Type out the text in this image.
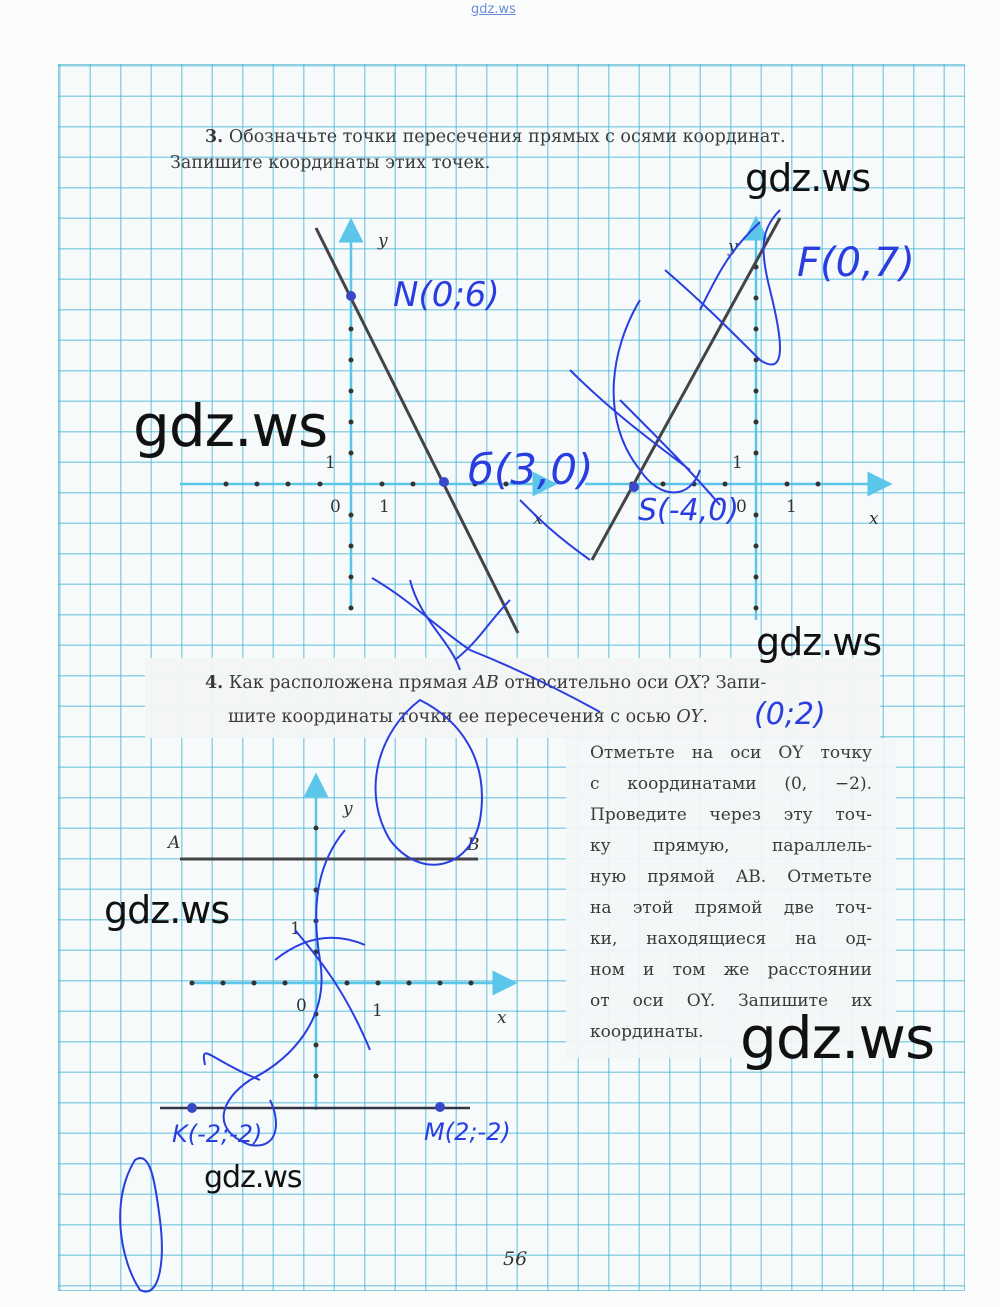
gdz.ws
3. Обозначьте точки пересечения прямых с осями координат.
Запишите координаты этих точек.
4. Как расположена прямая AB относительно оси OX? Запи-
шите координаты точки ее пересечения с осью OY.
Отметьте на оси OY точку
с координатами (0, −2).
Проведите через эту точ-
ку прямую, параллель-
ную прямой AB. Отметьте
на этой прямой две точ-
ки, находящиеся на од-
ном и том же расстоянии
от оси OY. Запишите их
координаты.
y
x
0 1
1
y
x
0 1
1
y
x
0	1
1
A	B
N(0;6)
б(3,0)
F(0,7)
S(-4,0)
(0;2)
K(-2;-2)	M(2;-2)
gdz.ws
gdz.ws
gdz.ws
gdz.ws
gdz.ws
gdz.ws
56
